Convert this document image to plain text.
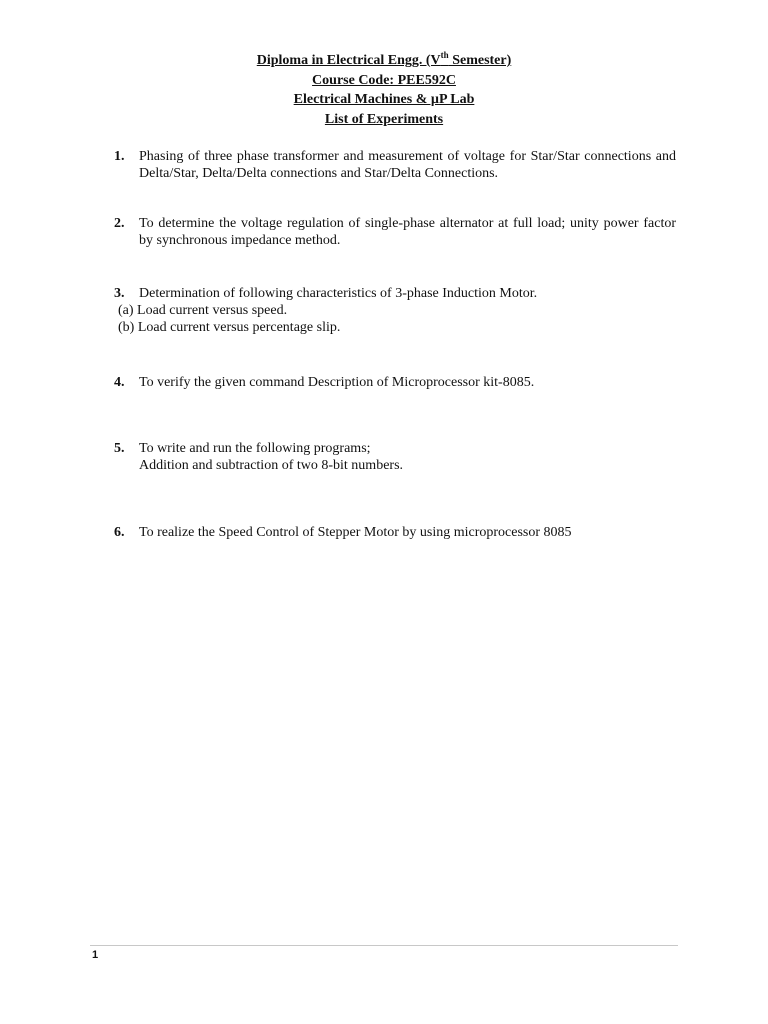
Diploma in Electrical Engg. (Vth Semester)
Course Code: PEE592C
Electrical Machines & µP Lab
List of Experiments
1. Phasing of three phase transformer and measurement of voltage for Star/Star connections and Delta/Star, Delta/Delta connections and Star/Delta Connections.
2. To determine the voltage regulation of single-phase alternator at full load; unity power factor by synchronous impedance method.
3. Determination of following characteristics of 3-phase Induction Motor.
(a) Load current versus speed.
(b) Load current versus percentage slip.
4. To verify the given command Description of Microprocessor kit-8085.
5. To write and run the following programs;
Addition and subtraction of two 8-bit numbers.
6. To realize the Speed Control of Stepper Motor by using microprocessor 8085
1
